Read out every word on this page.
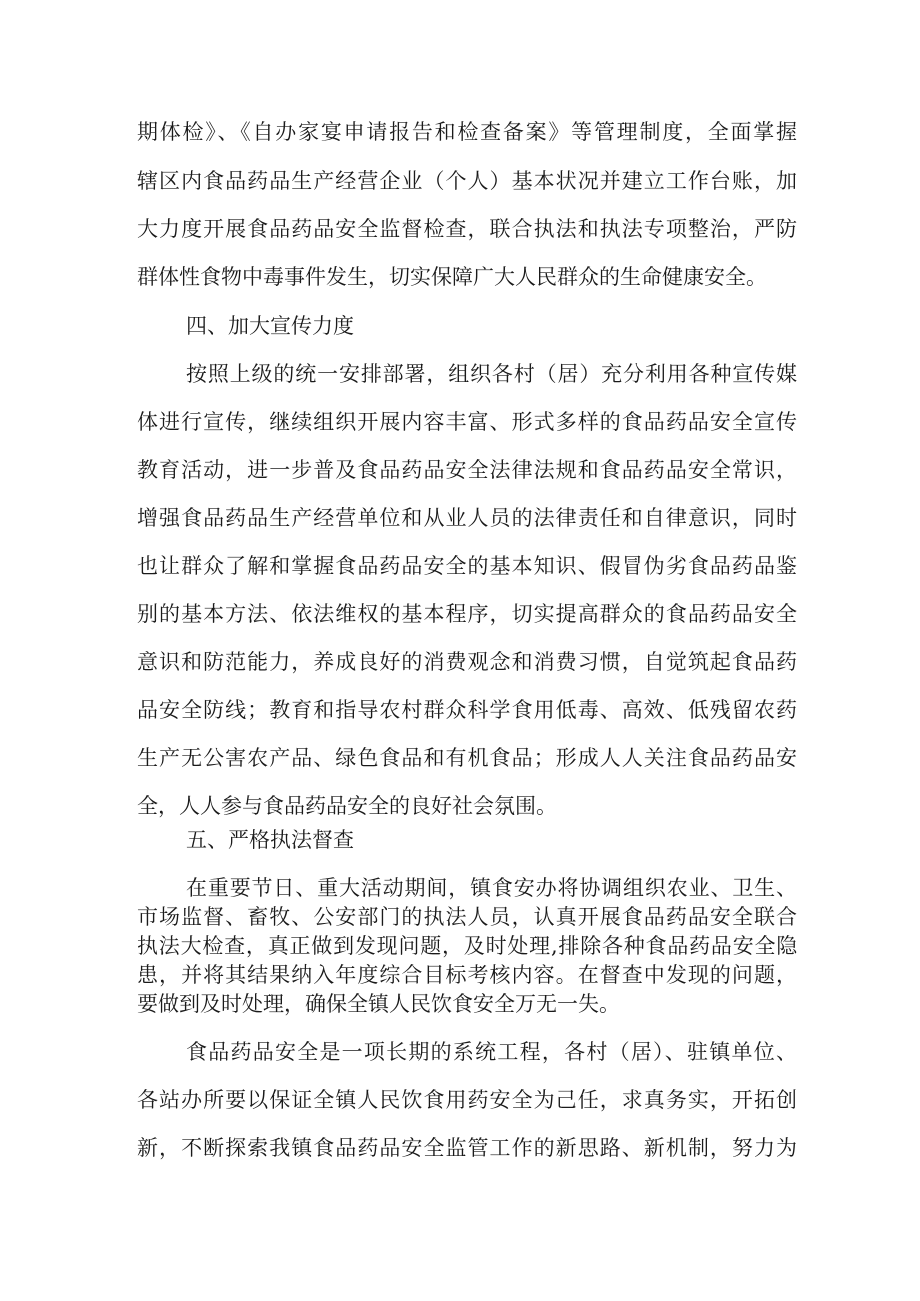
期体检》、《自办家宴申请报告和检查备案》等管理制度，全面掌握
辖区内食品药品生产经营企业（个人）基本状况并建立工作台账，加
大力度开展食品药品安全监督检查，联合执法和执法专项整治，严防
群体性食物中毒事件发生，切实保障广大人民群众的生命健康安全。
四、加大宣传力度
按照上级的统一安排部署，组织各村（居）充分利用各种宣传媒
体进行宣传，继续组织开展内容丰富、形式多样的食品药品安全宣传
教育活动，进一步普及食品药品安全法律法规和食品药品安全常识，
增强食品药品生产经营单位和从业人员的法律责任和自律意识，同时
也让群众了解和掌握食品药品安全的基本知识、假冒伪劣食品药品鉴
别的基本方法、依法维权的基本程序，切实提高群众的食品药品安全
意识和防范能力，养成良好的消费观念和消费习惯，自觉筑起食品药
品安全防线；教育和指导农村群众科学食用低毒、高效、低残留农药
生产无公害农产品、绿色食品和有机食品；形成人人关注食品药品安
全，人人参与食品药品安全的良好社会氛围。
五、严格执法督查
在重要节日、重大活动期间，镇食安办将协调组织农业、卫生、
市场监督、畜牧、公安部门的执法人员，认真开展食品药品安全联合
执法大检查，真正做到发现问题，及时处理,排除各种食品药品安全隐
患，并将其结果纳入年度综合目标考核内容。在督查中发现的问题，
要做到及时处理，确保全镇人民饮食安全万无一失。
食品药品安全是一项长期的系统工程，各村（居）、驻镇单位、
各站办所要以保证全镇人民饮食用药安全为己任，求真务实，开拓创
新，不断探索我镇食品药品安全监管工作的新思路、新机制，努力为
